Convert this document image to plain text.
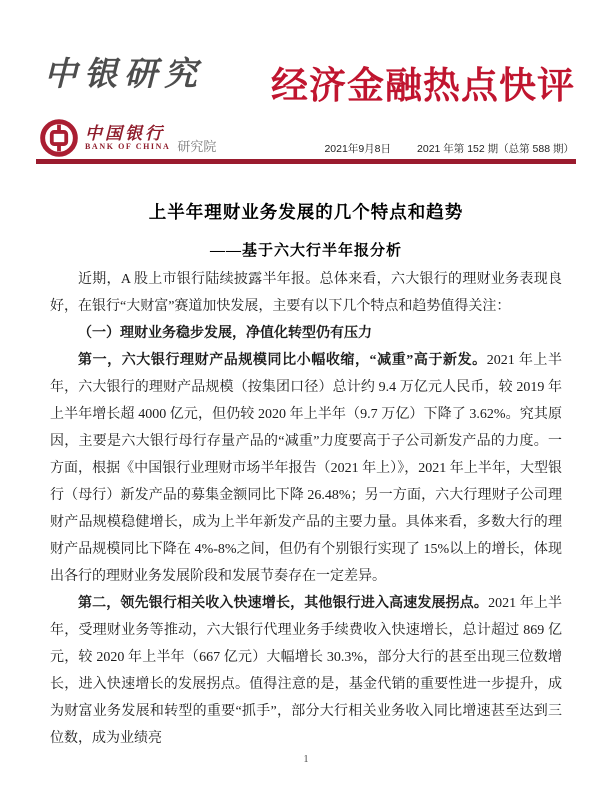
中银研究 经济金融热点快评
中国银行
BANK OF CHINA 研究院	2021年9月8日 2021 年第 152 期（总第 588 期）
上半年理财业务发展的几个特点和趋势
——基于六大行半年报分析

近期，A 股上市银行陆续披露半年报。总体来看，六大银行的理财业务表现良好，在银行“大财富”赛道加快发展，主要有以下几个特点和趋势值得关注：

（一）理财业务稳步发展，净值化转型仍有压力

第一，六大银行理财产品规模同比小幅收缩，“减重”高于新发。2021 年上半年，六大银行的理财产品规模（按集团口径）总计约 9.4 万亿元人民币，较 2019 年上半年增长超 4000 亿元，但仍较 2020 年上半年（9.7 万亿）下降了 3.62%。究其原因，主要是六大银行母行存量产品的“减重”力度要高于子公司新发产品的力度。一方面，根据《中国银行业理财市场半年报告（2021 年上）》，2021 年上半年，大型银行（母行）新发产品的募集金额同比下降 26.48%；另一方面，六大行理财子公司理财产品规模稳健增长，成为上半年新发产品的主要力量。具体来看，多数大行的理财产品规模同比下降在 4%-8%之间，但仍有个别银行实现了 15%以上的增长，体现出各行的理财业务发展阶段和发展节奏存在一定差异。

第二，领先银行相关收入快速增长，其他银行进入高速发展拐点。2021 年上半年，受理财业务等推动，六大银行代理业务手续费收入快速增长，总计超过 869 亿元，较 2020 年上半年（667 亿元）大幅增长 30.3%，部分大行的甚至出现三位数增长，进入快速增长的发展拐点。值得注意的是，基金代销的重要性进一步提升，成为财富业务发展和转型的重要“抓手”，部分大行相关业务收入同比增速甚至达到三位数，成为业绩亮

1
